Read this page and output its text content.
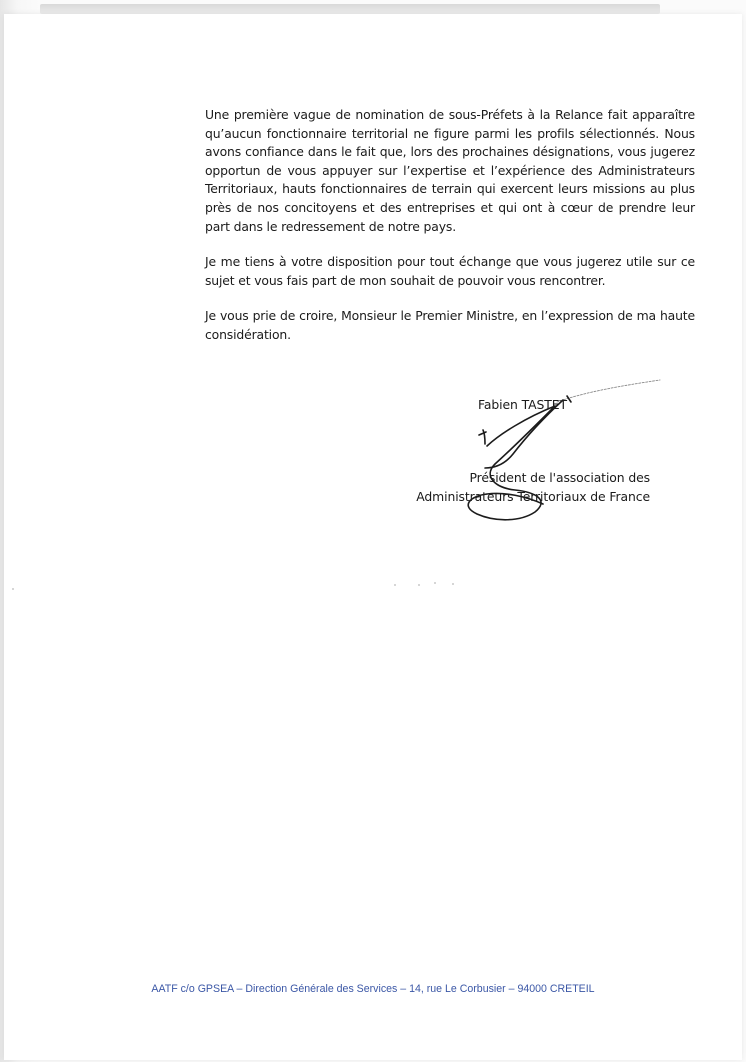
Une première vague de nomination de sous-Préfets à la Relance fait apparaître qu’aucun fonctionnaire territorial ne figure parmi les profils sélectionnés. Nous avons confiance dans le fait que, lors des prochaines désignations, vous jugerez opportun de vous appuyer sur l’expertise et l’expérience des Administrateurs Territoriaux, hauts fonctionnaires de terrain qui exercent leurs missions au plus près de nos concitoyens et des entreprises et qui ont à cœur de prendre leur part dans le redressement de notre pays.

Je me tiens à votre disposition pour tout échange que vous jugerez utile sur ce sujet et vous fais part de mon souhait de pouvoir vous rencontrer.

Je vous prie de croire, Monsieur le Premier Ministre, en l’expression de ma haute considération.

Fabien TASTET
Président de l'association des
Administrateurs Territoriaux de France
AATF c/o GPSEA – Direction Générale des Services – 14, rue Le Corbusier – 94000 CRETEIL
